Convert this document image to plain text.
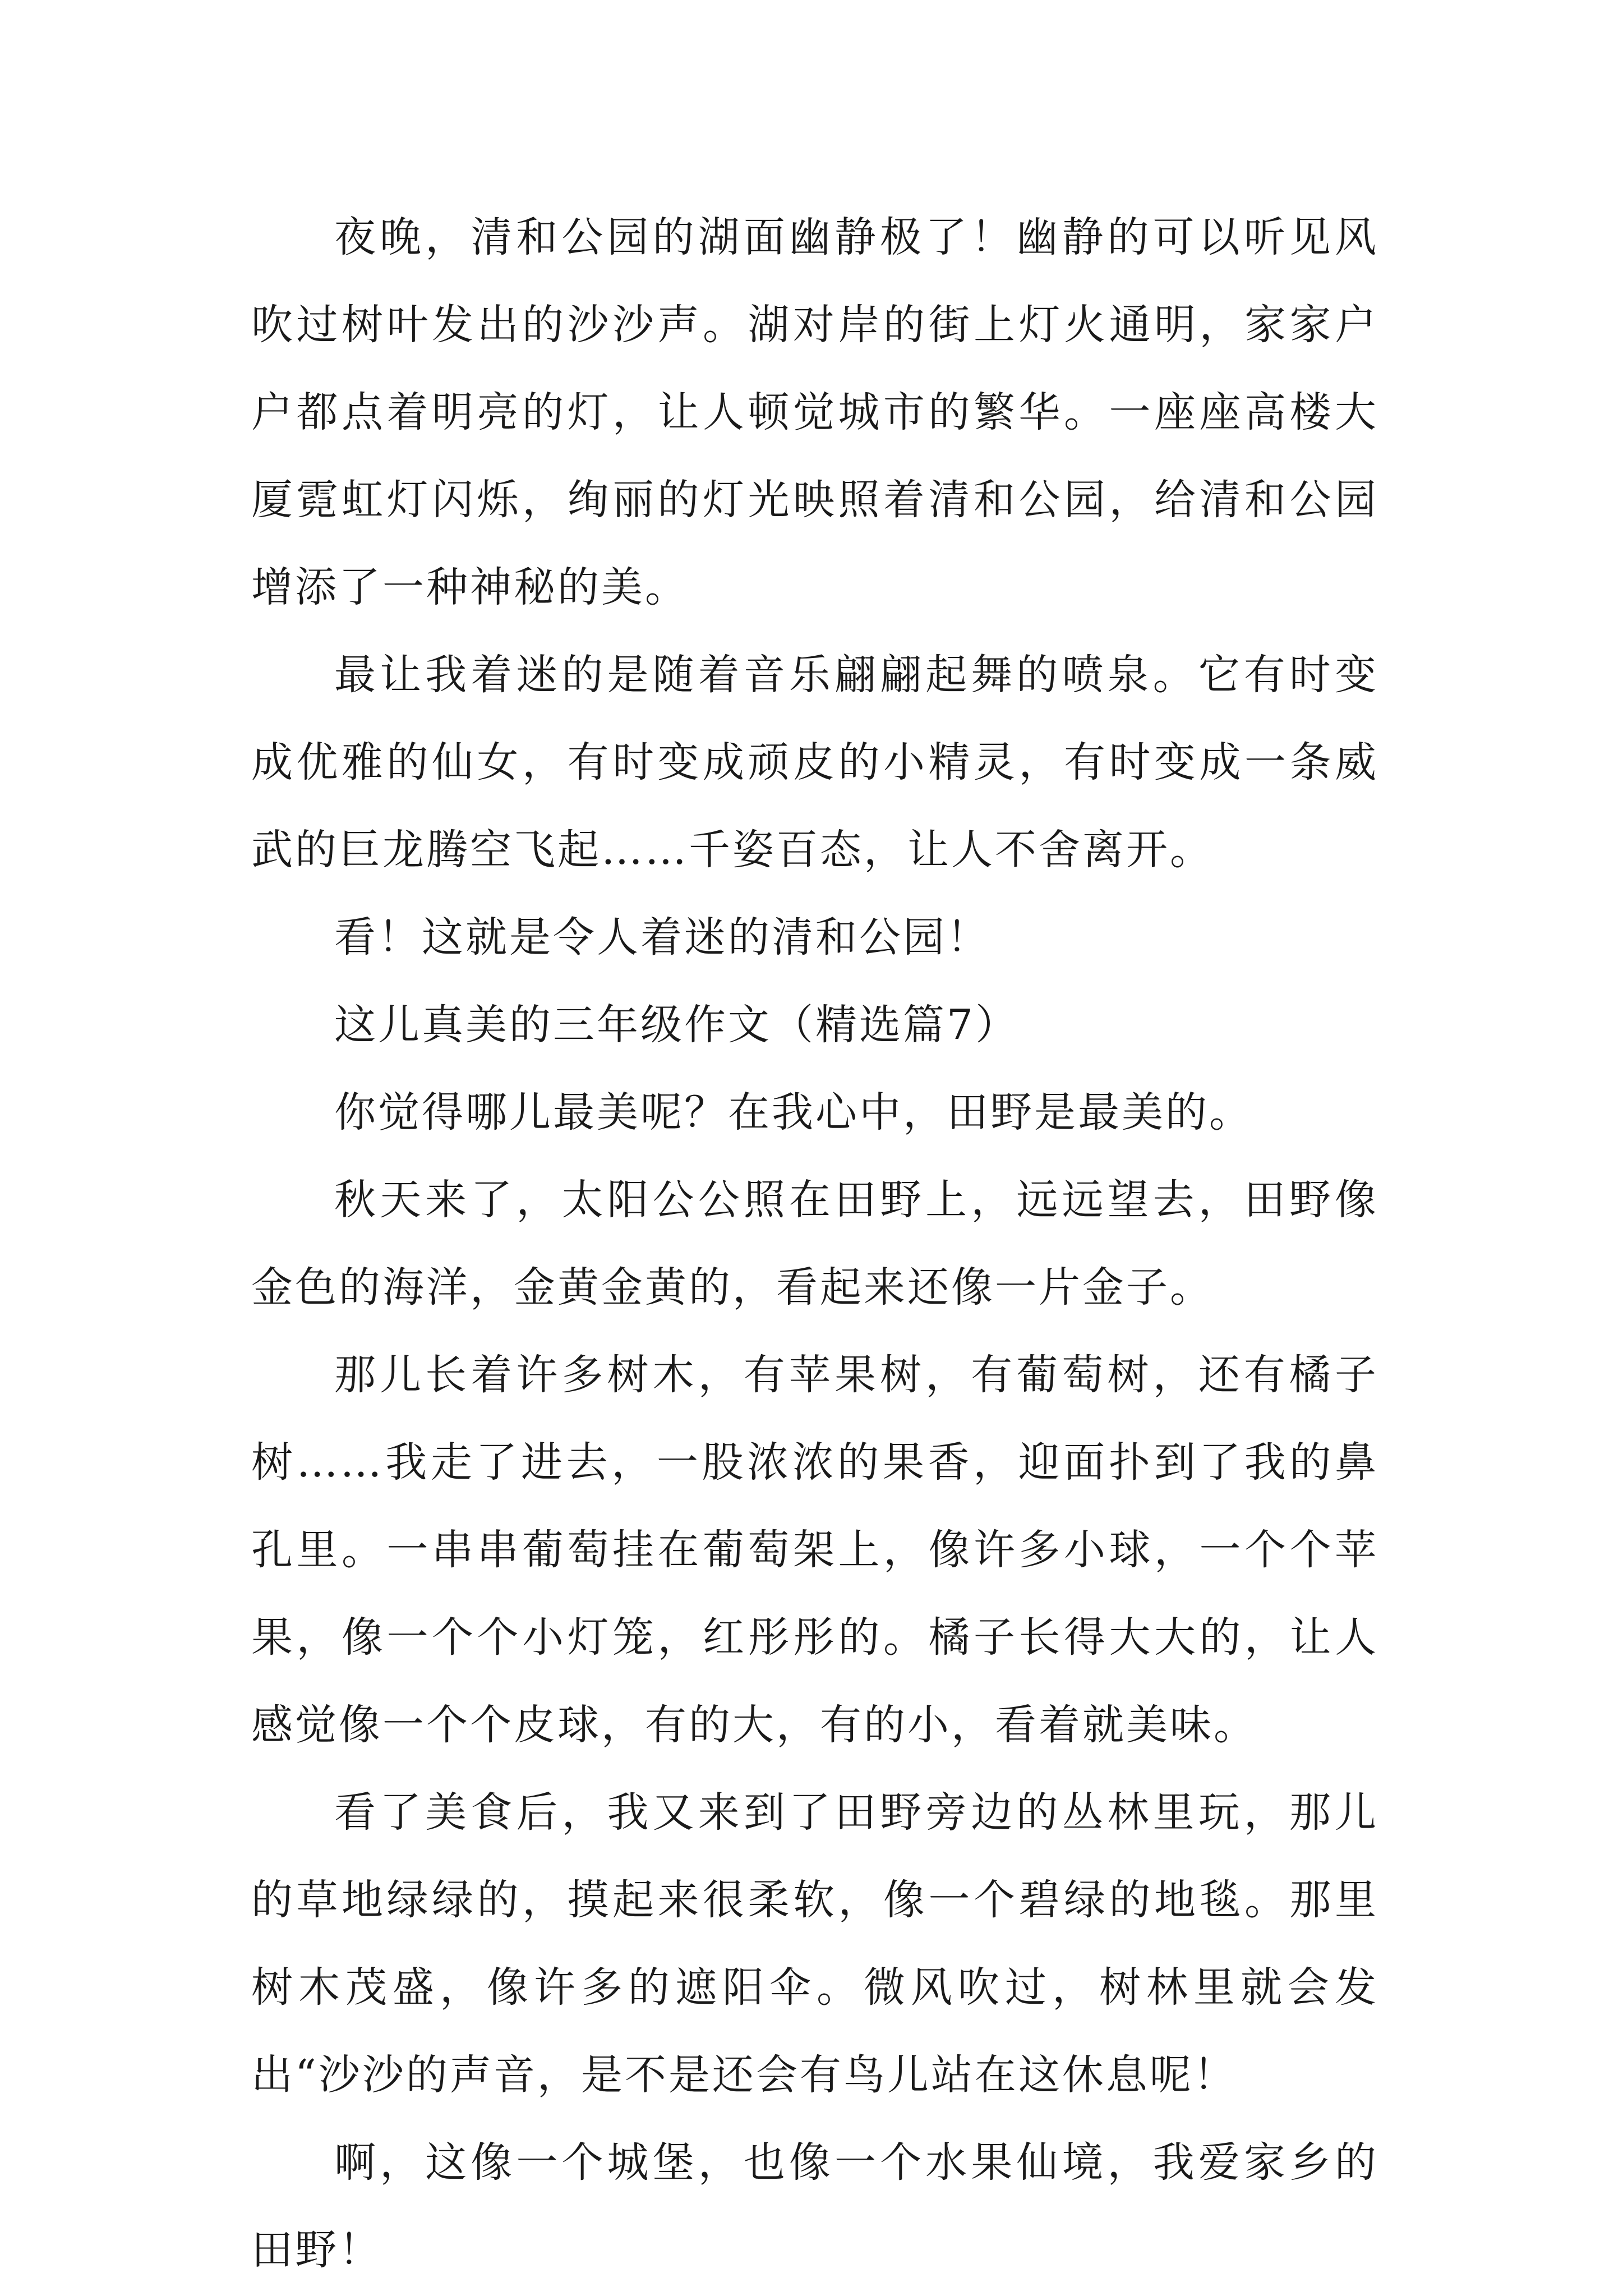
夜晚，清和公园的湖面幽静极了！幽静的可以听见风吹过树叶发出的沙沙声。湖对岸的街上灯火通明，家家户户都点着明亮的灯，让人顿觉城市的繁华。一座座高楼大厦霓虹灯闪烁，绚丽的灯光映照着清和公园，给清和公园增添了一种神秘的美。

最让我着迷的是随着音乐翩翩起舞的喷泉。它有时变成优雅的仙女，有时变成顽皮的小精灵，有时变成一条威武的巨龙腾空飞起……千姿百态，让人不舍离开。

看！这就是令人着迷的清和公园！

这儿真美的三年级作文（精选篇7）

你觉得哪儿最美呢？在我心中，田野是最美的。

秋天来了，太阳公公照在田野上，远远望去，田野像金色的海洋，金黄金黄的，看起来还像一片金子。

那儿长着许多树木，有苹果树，有葡萄树，还有橘子树……我走了进去，一股浓浓的果香，迎面扑到了我的鼻孔里。一串串葡萄挂在葡萄架上，像许多小球，一个个苹果，像一个个小灯笼，红彤彤的。橘子长得大大的，让人感觉像一个个皮球，有的大，有的小，看着就美味。

看了美食后，我又来到了田野旁边的丛林里玩，那儿的草地绿绿的，摸起来很柔软，像一个碧绿的地毯。那里树木茂盛，像许多的遮阳伞。微风吹过，树林里就会发出“沙沙的声音，是不是还会有鸟儿站在这休息呢！

啊，这像一个城堡，也像一个水果仙境，我爱家乡的田野！
